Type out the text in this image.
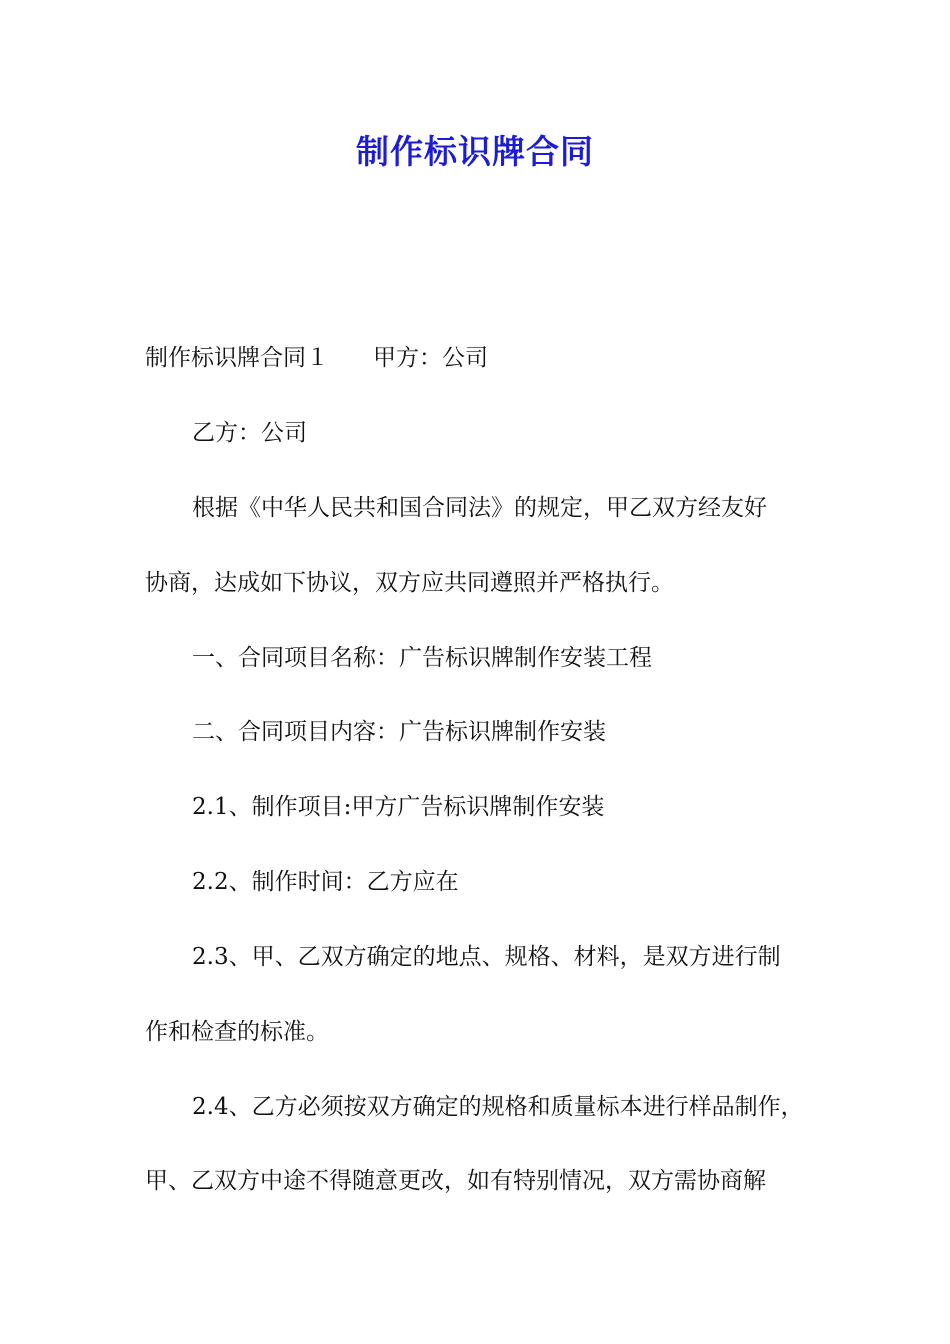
制作标识牌合同
制作标识牌合同１ 甲方：公司
乙方：公司
根据《中华人民共和国合同法》的规定，甲乙双方经友好
协商，达成如下协议，双方应共同遵照并严格执行。
一、合同项目名称：广告标识牌制作安装工程
二、合同项目内容：广告标识牌制作安装
2.1、制作项目:甲方广告标识牌制作安装
2.2、制作时间：乙方应在
2.3、甲、乙双方确定的地点、规格、材料，是双方进行制
作和检查的标准。
2.4、乙方必须按双方确定的规格和质量标本进行样品制作，
甲、乙双方中途不得随意更改，如有特别情况，双方需协商解
